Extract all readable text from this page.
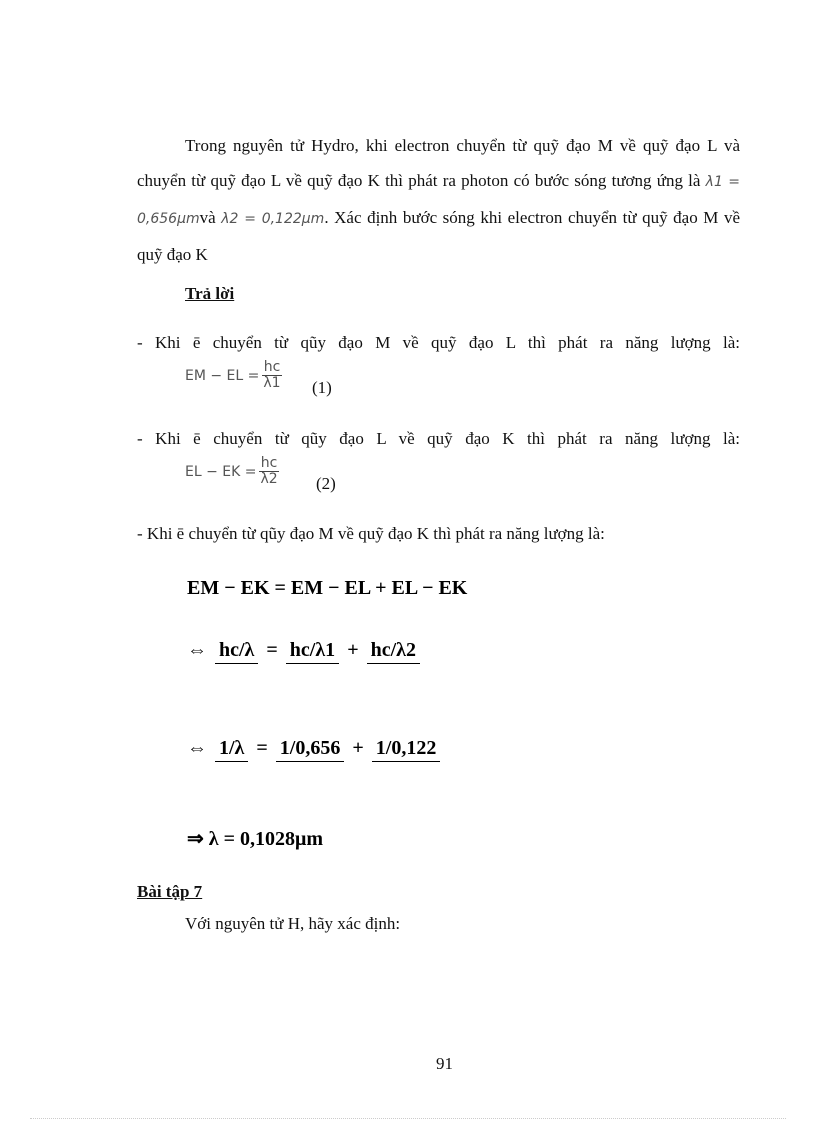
Trong nguyên tử Hydro, khi electron chuyển từ quỹ đạo M về quỹ đạo L và chuyển từ quỹ đạo L về quỹ đạo K thì phát ra photon có bước sóng tương ứng là λ1 = 0,656μmvà λ2 = 0,122μm. Xác định bước sóng khi electron chuyển từ quỹ đạo M về quỹ đạo K
Trả lời
- Khi ē chuyển từ qũy đạo M về quỹ đạo L thì phát ra năng lượng là:
EM − EL = $\frac{hc}{\lambda 1} (1)$
- Khi ē chuyển từ qũy đạo L về quỹ đạo K thì phát ra năng lượng là:
EL − EK = $\frac{hc}{\lambda 2} (2)$
- Khi ē chuyển từ qũy đạo M về quỹ đạo K thì phát ra năng lượng là:
EM − EK = EM − EL + EL − EK
⇔ hc/λ = hc/λ1 + hc/λ2
⇔ 1/λ = 1/0,656 + 1/0,122
⇒ λ = 0,1028μm
Bài tập 7
Với nguyên tử H, hãy xác định:
91
